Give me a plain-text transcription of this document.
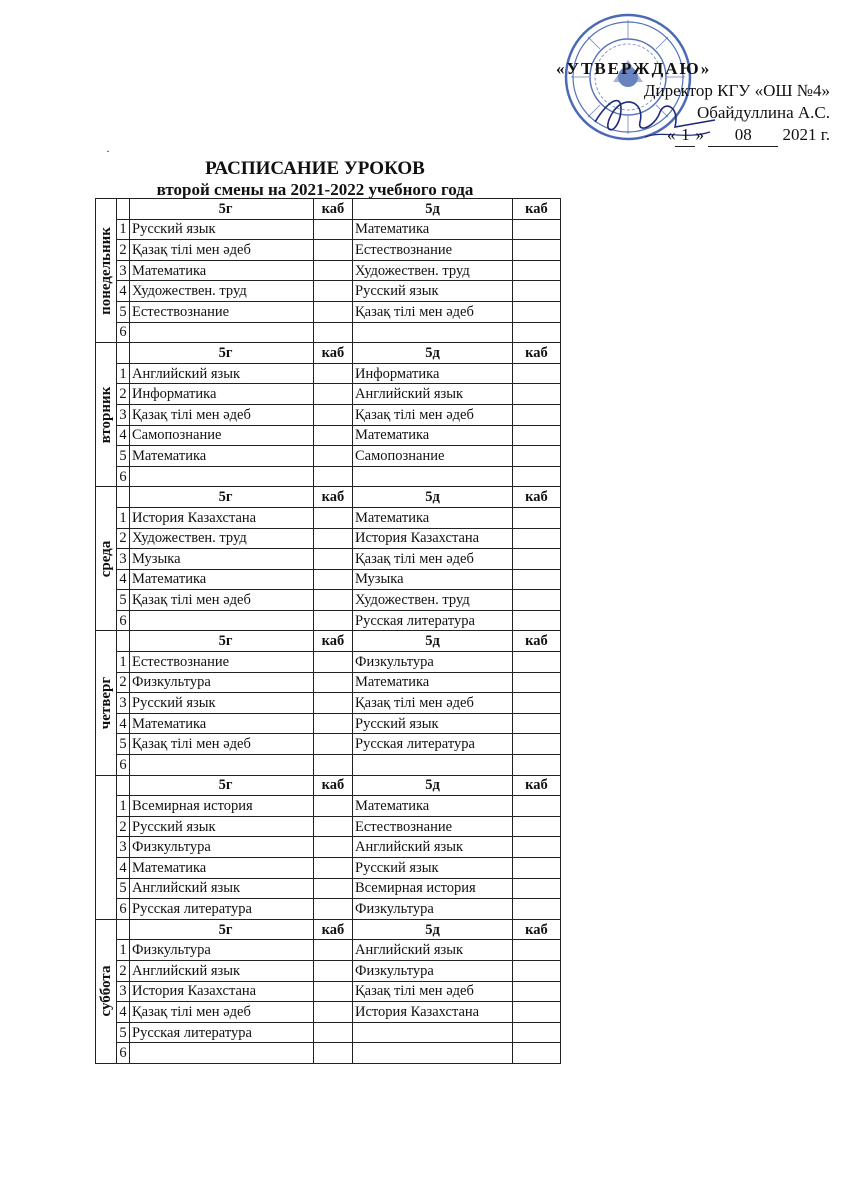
«УТВЕРЖДАЮ»
Директор КГУ «ОШ №4»
Обайдуллина А.С.
« 1 » 08 2021 г.
·
РАСПИСАНИЕ УРОКОВ
второй смены на 2021-2022 учебного года
понедельник		5г	каб	5д	каб
	1	Русский язык		Математика	
	2	Қазақ тілі мен әдеб		Естествознание	
	3	Математика		Художествен. труд	
	4	Художествен. труд		Русский язык	
	5	Естествознание		Қазақ тілі мен әдеб	
	6				

вторник		5г	каб	5д	каб
	1	Английский язык		Информатика	
	2	Информатика		Английский язык	
	3	Қазақ тілі мен әдеб		Қазақ тілі мен әдеб	
	4	Самопознание		Математика	
	5	Математика		Самопознание	
	6				

среда		5г	каб	5д	каб
	1	История Казахстана		Математика	
	2	Художествен. труд		История Казахстана	
	3	Музыка		Қазақ тілі мен әдеб	
	4	Математика		Музыка	
	5	Қазақ тілі мен әдеб		Художествен. труд	
	6			Русская литература	

четверг		5г	каб	5д	каб
	1	Естествознание		Физкультура	
	2	Физкультура		Математика	
	3	Русский язык		Қазақ тілі мен әдеб	
	4	Математика		Русский язык	
	5	Қазақ тілі мен әдеб		Русская литература	
	6				

		5г	каб	5д	каб
	1	Всемирная история		Математика	
	2	Русский язык		Естествознание	
	3	Физкультура		Английский язык	
	4	Математика		Русский язык	
	5	Английский язык		Всемирная история	
	6	Русская литература		Физкультура	

суббота		5г	каб	5д	каб
	1	Физкультура		Английский язык	
	2	Английский язык		Физкультура	
	3	История Казахстана		Қазақ тілі мен әдеб	
	4	Қазақ тілі мен әдеб		История Казахстана	
	5	Русская литература			
	6				
